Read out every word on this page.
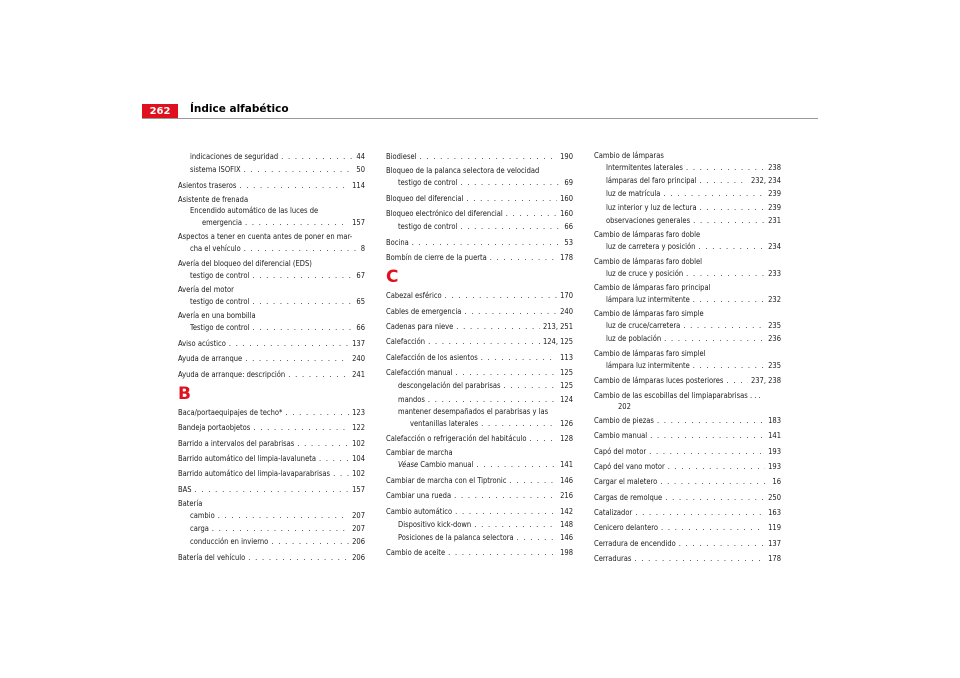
262	Índice alfabético
indicaciones de seguridad . . .	44
sistema ISOFIX . . .	50
Asientos traseros . . .	114
Asistente de frenada
Encendido automático de las luces de
emergencia . . .	157
Aspectos a tener en cuenta antes de poner en mar-
cha el vehículo . . .	8
Avería del bloqueo del diferencial (EDS)
testigo de control . . .	67
Avería del motor
testigo de control . . .	65
Avería en una bombilla
Testigo de control . . .	66
Aviso acústico . . .	137
Ayuda de arranque . . .	240
Ayuda de arranque: descripción . . .	241
B
Baca/portaequipajes de techo* . . .	123
Bandeja portaobjetos . . .	122
Barrido a intervalos del parabrisas . . .	102
Barrido automático del limpia-lavaluneta . . .	104
Barrido automático del limpia-lavaparabrisas . . .	102
BAS . . .	157
Batería
cambio . . .	207
carga . . .	207
conducción en invierno . . .	206
Batería del vehículo . . .	206
Biodiesel . . .	190
Bloqueo de la palanca selectora de velocidad
testigo de control . . .	69
Bloqueo del diferencial . . .	160
Bloqueo electrónico del diferencial . . .	160
testigo de control . . .	66
Bocina . . .	53
Bombín de cierre de la puerta . . .	178
C
Cabezal esférico . . .	170
Cables de emergencia . . .	240
Cadenas para nieve . . .	213, 251
Calefacción . . .	124, 125
Calefacción de los asientos . . .	113
Calefacción manual . . .	125
descongelación del parabrisas . . .	125
mandos . . .	124
mantener desempañados el parabrisas y las
ventanillas laterales . . .	126
Calefacción o refrigeración del habitáculo . . .	128
Cambiar de marcha
Véase Cambio manual . . .	141
Cambiar de marcha con el Tiptronic . . .	146
Cambiar una rueda . . .	216
Cambio automático . . .	142
Dispositivo kick-down . . .	148
Posiciones de la palanca selectora . . .	146
Cambio de aceite . . .	198
Cambio de lámparas
Intermitentes laterales . . .	238
lámparas del faro principal . . .	232, 234
luz de matrícula . . .	239
luz interior y luz de lectura . . .	239
observaciones generales . . .	231
Cambio de lámparas faro doble
luz de carretera y posición . . .	234
Cambio de lámparas faro doblel
luz de cruce y posición . . .	233
Cambio de lámparas faro principal
lámpara luz intermitente . . .	232
Cambio de lámparas faro simple
luz de cruce/carretera . . .	235
luz de población . . .	236
Cambio de lámparas faro simplel
lámpara luz intermitente . . .	235
Cambio de lámparas luces posteriores . . .	237, 238
Cambio de las escobillas del limpiaparabrisas . . .
202
Cambio de piezas . . .	183
Cambio manual . . .	141
Capó del motor . . .	193
Capó del vano motor . . .	193
Cargar el maletero . . .	16
Cargas de remolque . . .	250
Catalizador . . .	163
Cenicero delantero . . .	119
Cerradura de encendido . . .	137
Cerraduras . . .	178
